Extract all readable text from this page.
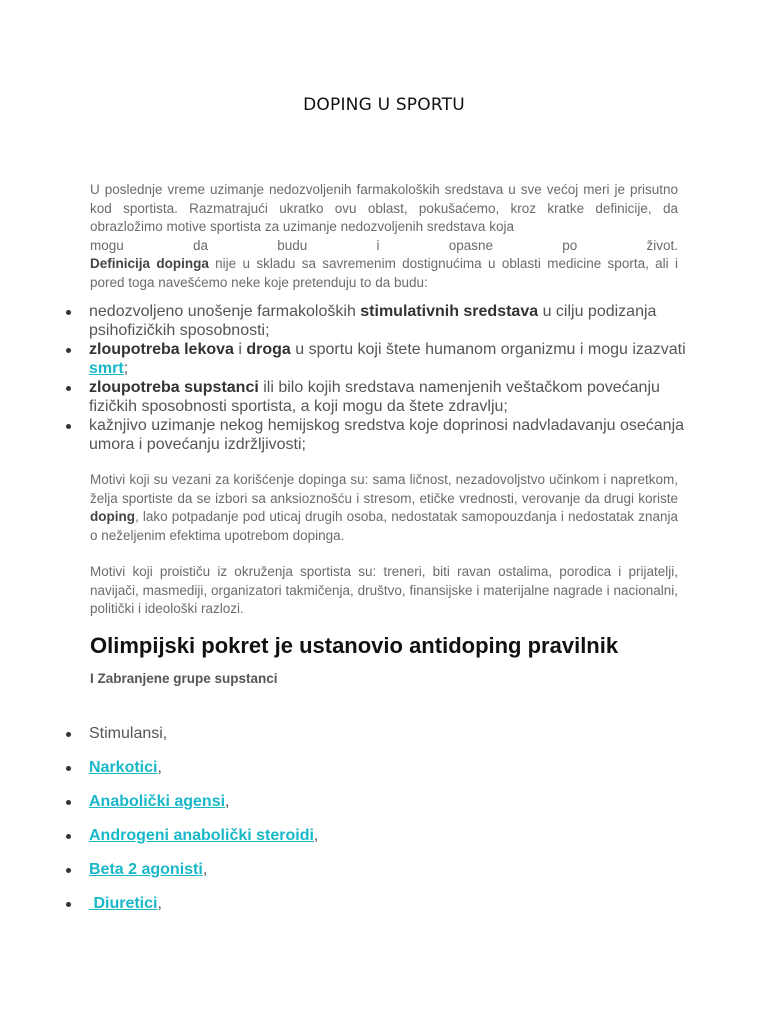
DOPING U SPORTU

U poslednje vreme uzimanje nedozvoljenih farmakoloških sredstava u sve većoj meri je prisutno kod sportista. Razmatrajući ukratko ovu oblast, pokušaćemo, kroz kratke definicije, da obrazložimo motive sportista za uzimanje nedozvoljenih sredstava koja
mogu da budu i opasne po život.
Definicija dopinga nije u skladu sa savremenim dostignućima u oblasti medicine sporta, ali i pored toga navešćemo neke koje pretenduju to da budu:

nedozvoljeno unošenje farmakoloških stimulativnih sredstava u cilju podizanja psihofizičkih sposobnosti;
zloupotreba lekova i droga u sportu koji štete humanom organizmu i mogu izazvati smrt;
zloupotreba supstanci ili bilo kojih sredstava namenjenih veštačkom povećanju fizičkih sposobnosti sportista, a koji mogu da štete zdravlju;
kažnjivo uzimanje nekog hemijskog sredstva koje doprinosi nadvladavanju osećanja umora i povećanju izdržljivosti;

Motivi koji su vezani za korišćenje dopinga su: sama ličnost, nezadovoljstvo učinkom i napretkom, želja sportiste da se izbori sa anksioznošću i stresom, etičke vrednosti, verovanje da drugi koriste doping, lako potpadanje pod uticaj drugih osoba, nedostatak samopouzdanja i nedostatak znanja o neželjenim efektima upotrebom dopinga.

Motivi koji proističu iz okruženja sportista su: treneri, biti ravan ostalima, porodica i prijatelji, navijači, masmediji, organizatori takmičenja, društvo, finansijske i materijalne nagrade i nacionalni, politički i ideološki razlozi.

Olimpijski pokret je ustanovio antidoping pravilnik
I Zabranjene grupe supstanci
Stimulansi,
Narkotici,
Anabolički agensi,
Androgeni anabolički steroidi,
Beta 2 agonisti,
Diuretici,
